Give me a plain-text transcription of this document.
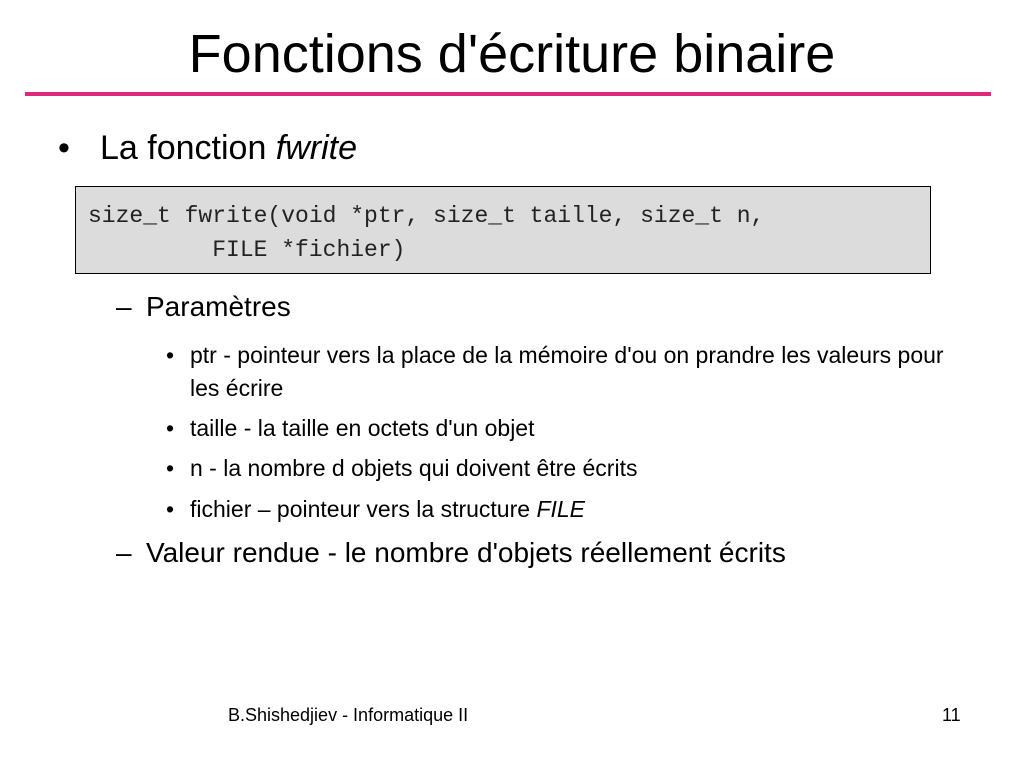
Fonctions d'écriture binaire
• La fonction fwrite
size_t fwrite(void *ptr, size_t taille, size_t n,
FILE *fichier)
– Paramètres
• ptr - pointeur vers la place de la mémoire d'ou on prandre les valeurs pour les écrire
• taille - la taille en octets d'un objet
• n - la nombre d objets qui doivent être écrits
• fichier – pointeur vers la structure FILE
– Valeur rendue - le nombre d'objets réellement écrits
B.Shishedjiev - Informatique II	11
